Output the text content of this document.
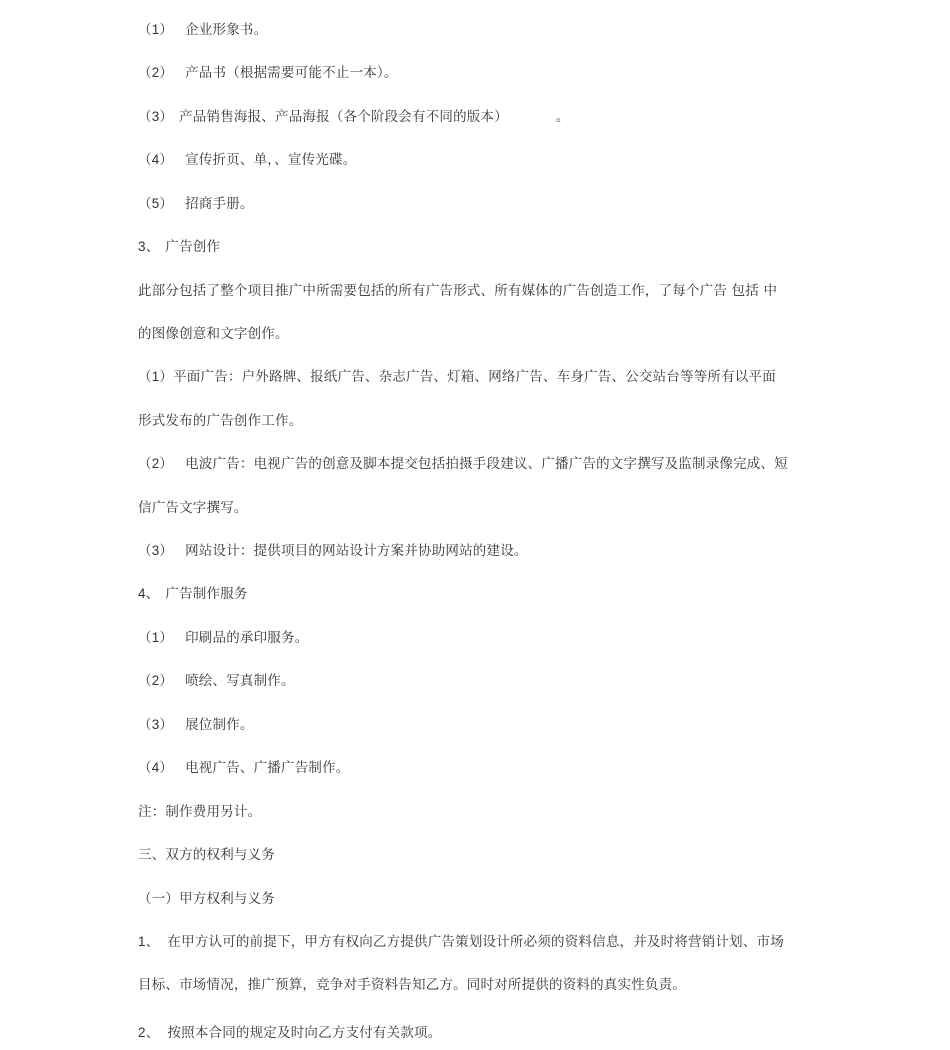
（1） 企业形象书。
（2） 产品书（根据需要可能不止一本）。
（3） 产品销售海报、产品海报（各个阶段会有不同的版本）	。
（4） 宣传折页、单，、宣传光碟。
（5） 招商手册。
3、 广告创作
此部分包括了整个项目推广中所需要包括的所有广告形式、所有媒体的广告创造工作，了每个广告 包括 中
的图像创意和文字创作。
（1）平面广告：户外路牌、报纸广告、杂志广告、灯箱、网络广告、车身广告、公交站台等等所有以平面
形式发布的广告创作工作。
（2） 电波广告：电视广告的创意及脚本提交包括拍摄手段建议、广播广告的文字撰写及监制录像完成、短
信广告文字撰写。
（3） 网站设计：提供项目的网站设计方案并协助网站的建设。
4、 广告制作服务
（1） 印刷品的承印服务。
（2） 喷绘、写真制作。
（3） 展位制作。
（4） 电视广告、广播广告制作。
注：制作费用另计。
三、双方的权利与义务
（一）甲方权利与义务
1、 在甲方认可的前提下，甲方有权向乙方提供广告策划设计所必须的资料信息，并及时将营销计划、市场
目标、市场情况，推广预算，竞争对手资料告知乙方。同时对所提供的资料的真实性负责。
2、 按照本合同的规定及时向乙方支付有关款项。
